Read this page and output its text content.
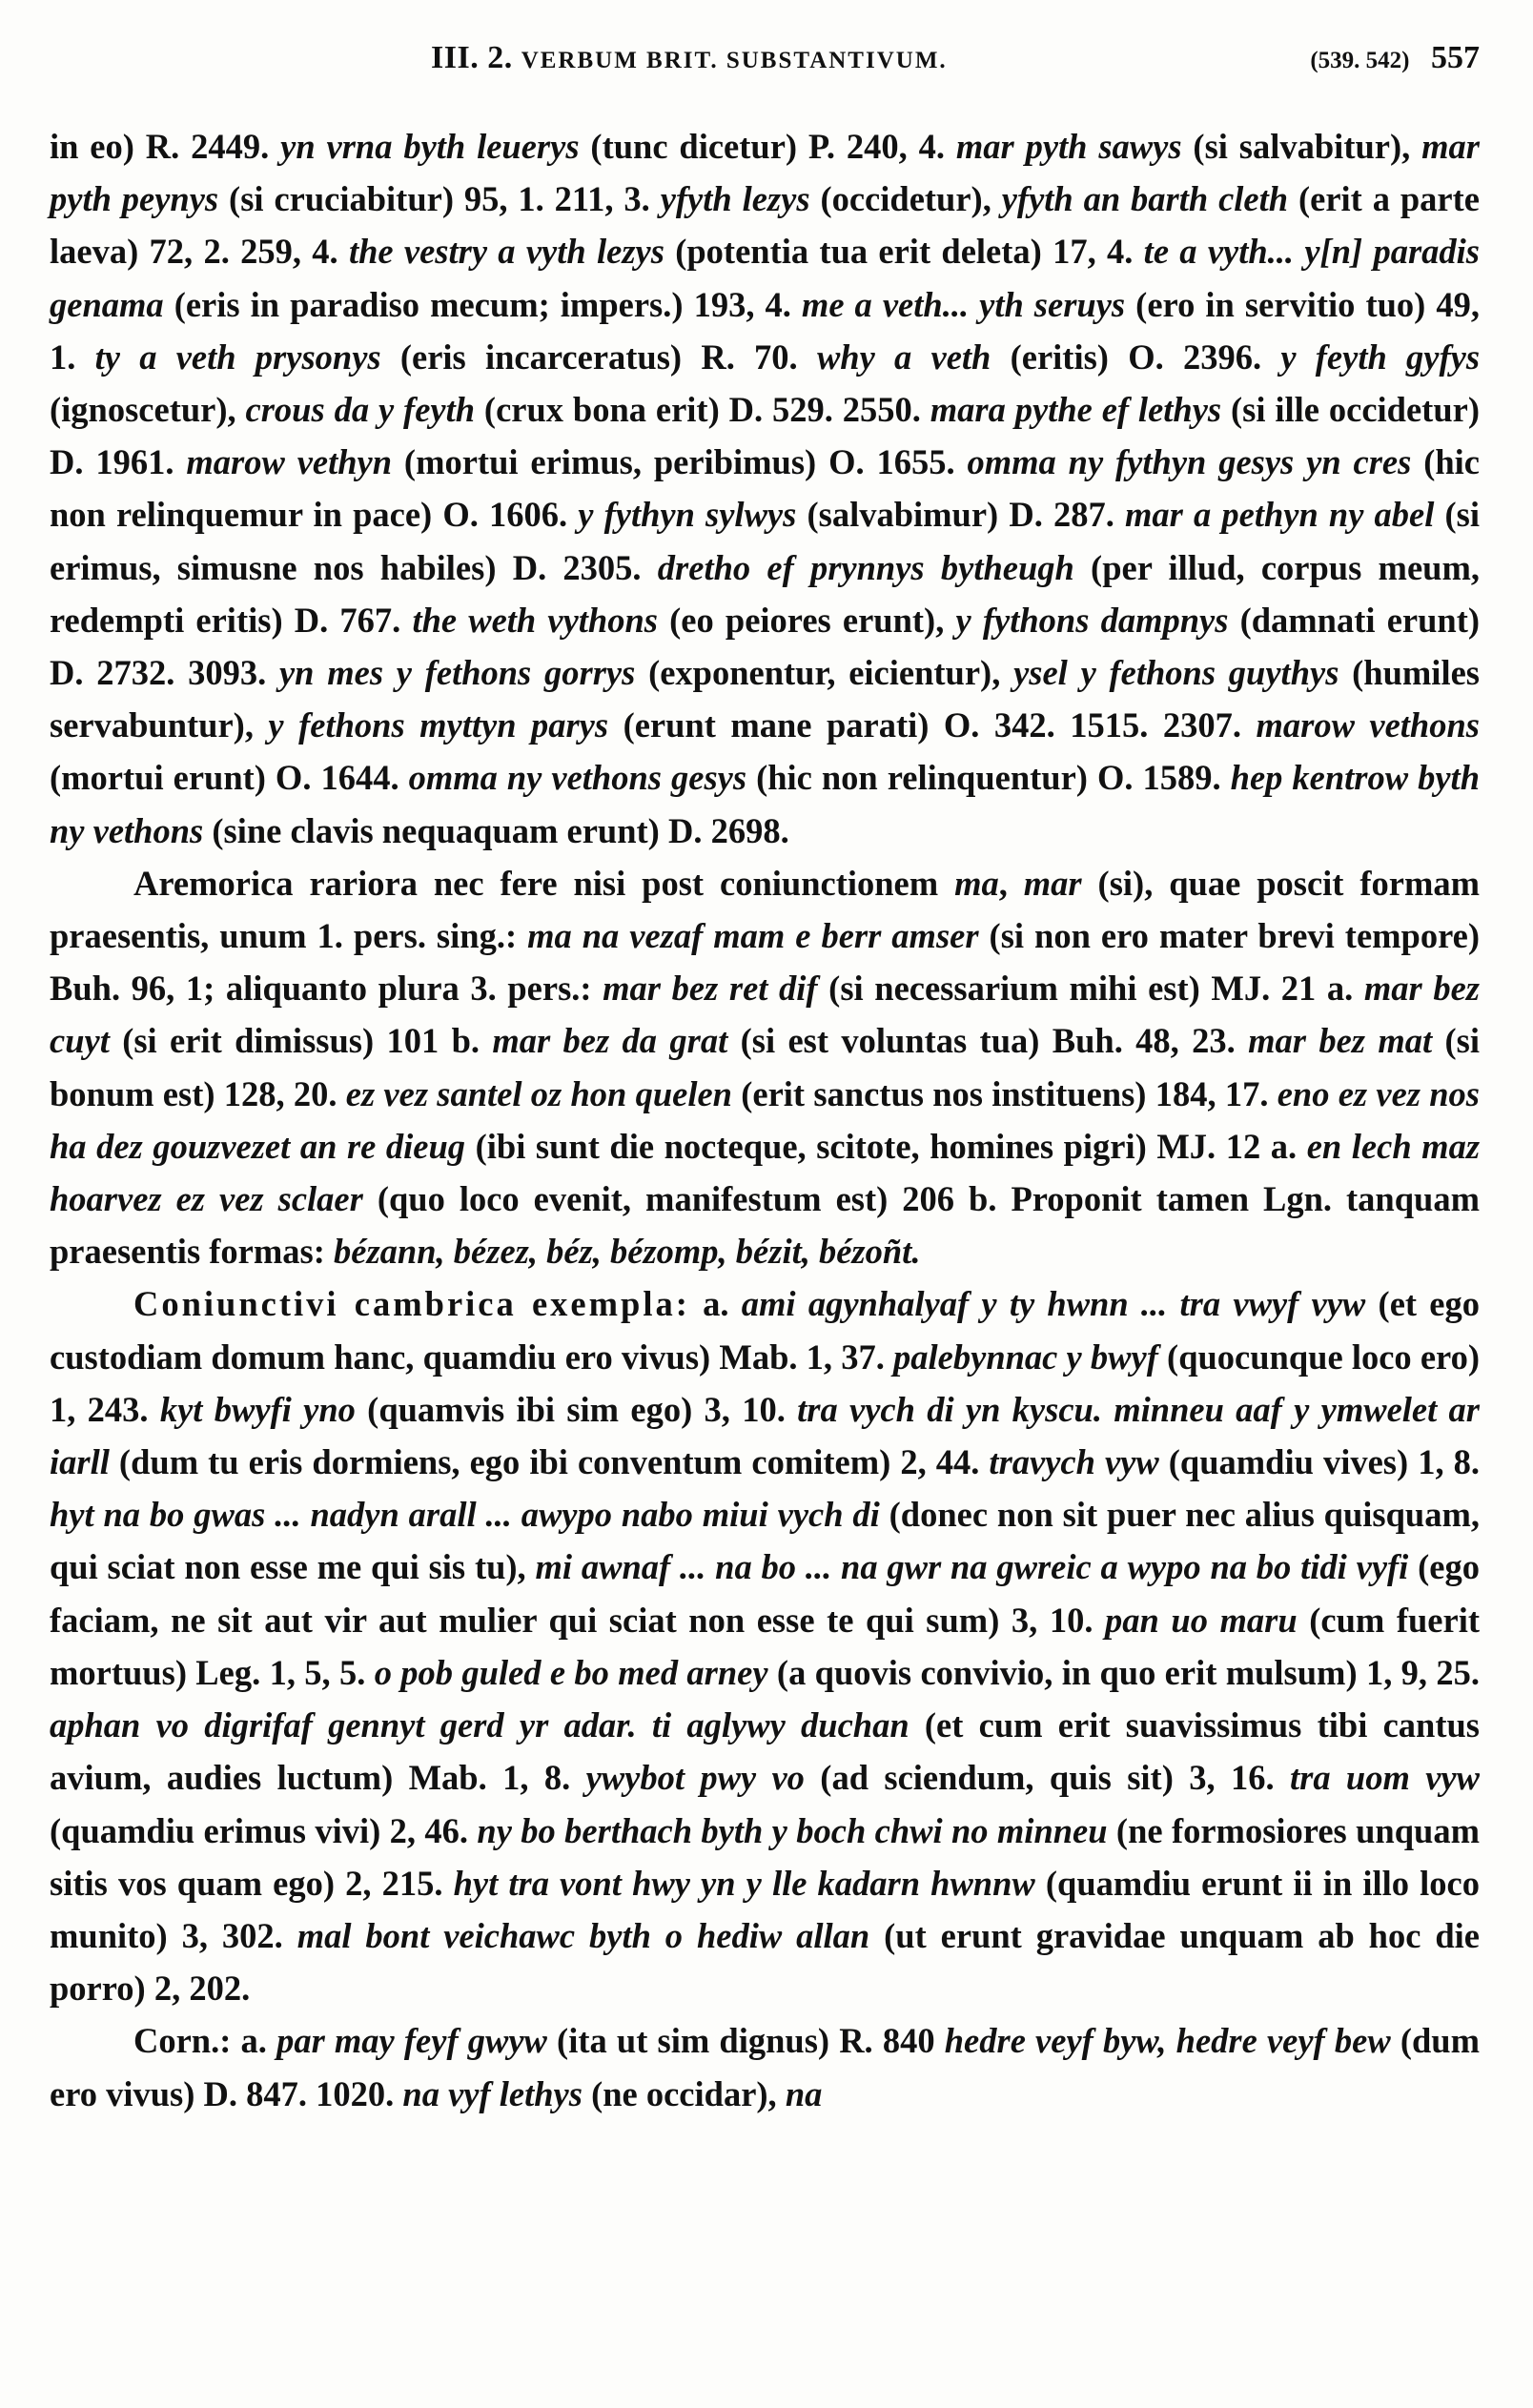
III. 2. VERBUM BRIT. SUBSTANTIVUM.	(539. 542) 557

in eo) R. 2449. yn vrna byth leuerys (tunc dicetur) P. 240, 4. mar pyth sawys (si salvabitur), mar pyth peynys (si cruciabitur) 95, 1. 211, 3. yfyth lezys (occidetur), yfyth an barth cleth (erit a parte laeva) 72, 2. 259, 4. the vestry a vyth lezys (potentia tua erit deleta) 17, 4. te a vyth... y[n] paradis genama (eris in paradiso mecum; impers.) 193, 4. me a veth... yth seruys (ero in servitio tuo) 49, 1. ty a veth prysonys (eris incarceratus) R. 70. why a veth (eritis) O. 2396. y feyth gyfys (ignoscetur), crous da y feyth (crux bona erit) D. 529. 2550. mara pythe ef lethys (si ille occidetur) D. 1961. marow vethyn (mortui erimus, peribimus) O. 1655. omma ny fythyn gesys yn cres (hic non relinquemur in pace) O. 1606. y fythyn sylwys (salvabimur) D. 287. mar a pethyn ny abel (si erimus, simusne nos habiles) D. 2305. dretho ef prynnys bytheugh (per illud, corpus meum, redempti eritis) D. 767. the weth vythons (eo peiores erunt), y fythons dampnys (damnati erunt) D. 2732. 3093. yn mes y fethons gorrys (exponentur, eicientur), ysel y fethons guythys (humiles servabuntur), y fethons myttyn parys (erunt mane parati) O. 342. 1515. 2307. marow vethons (mortui erunt) O. 1644. omma ny vethons gesys (hic non relinquentur) O. 1589. hep kentrow byth ny vethons (sine clavis nequaquam erunt) D. 2698.

Aremorica rariora nec fere nisi post coniunctionem ma, mar (si), quae poscit formam praesentis, unum 1. pers. sing.: ma na vezaf mam e berr amser (si non ero mater brevi tempore) Buh. 96, 1; aliquanto plura 3. pers.: mar bez ret dif (si necessarium mihi est) MJ. 21 a. mar bez cuyt (si erit dimissus) 101 b. mar bez da grat (si est voluntas tua) Buh. 48, 23. mar bez mat (si bonum est) 128, 20. ez vez santel oz hon quelen (erit sanctus nos instituens) 184, 17. eno ez vez nos ha dez gouzvezet an re dieug (ibi sunt die nocteque, scitote, homines pigri) MJ. 12 a. en lech maz hoarvez ez vez sclaer (quo loco evenit, manifestum est) 206 b. Proponit tamen Lgn. tanquam praesentis formas: bézann, bézez, béz, bézomp, bézit, bézoñt.

Coniunctivi cambrica exempla: a. ami agynhalyaf y ty hwnn ... tra vwyf vyw (et ego custodiam domum hanc, quamdiu ero vivus) Mab. 1, 37. palebynnac y bwyf (quocunque loco ero) 1, 243. kyt bwyfi yno (quamvis ibi sim ego) 3, 10. tra vych di yn kyscu. minneu aaf y ymwelet ar iarll (dum tu eris dormiens, ego ibi conventum comitem) 2, 44. travych vyw (quamdiu vives) 1, 8. hyt na bo gwas ... nadyn arall ... awypo nabo miui vych di (donec non sit puer nec alius quisquam, qui sciat non esse me qui sis tu), mi awnaf ... na bo ... na gwr na gwreic a wypo na bo tidi vyfi (ego faciam, ne sit aut vir aut mulier qui sciat non esse te qui sum) 3, 10. pan uo maru (cum fuerit mortuus) Leg. 1, 5, 5. o pob guled e bo med arney (a quovis convivio, in quo erit mulsum) 1, 9, 25. aphan vo digrifaf gennyt gerd yr adar. ti aglywy duchan (et cum erit suavissimus tibi cantus avium, audies luctum) Mab. 1, 8. ywybot pwy vo (ad sciendum, quis sit) 3, 16. tra uom vyw (quamdiu erimus vivi) 2, 46. ny bo berthach byth y boch chwi no minneu (ne formosiores unquam sitis vos quam ego) 2, 215. hyt tra vont hwy yn y lle kadarn hwnnw (quamdiu erunt ii in illo loco munito) 3, 302. mal bont veichawc byth o hediw allan (ut erunt gravidae unquam ab hoc die porro) 2, 202.

Corn.: a. par may feyf gwyw (ita ut sim dignus) R. 840 hedre veyf byw, hedre veyf bew (dum ero vivus) D. 847. 1020. na vyf lethys (ne occidar), na
